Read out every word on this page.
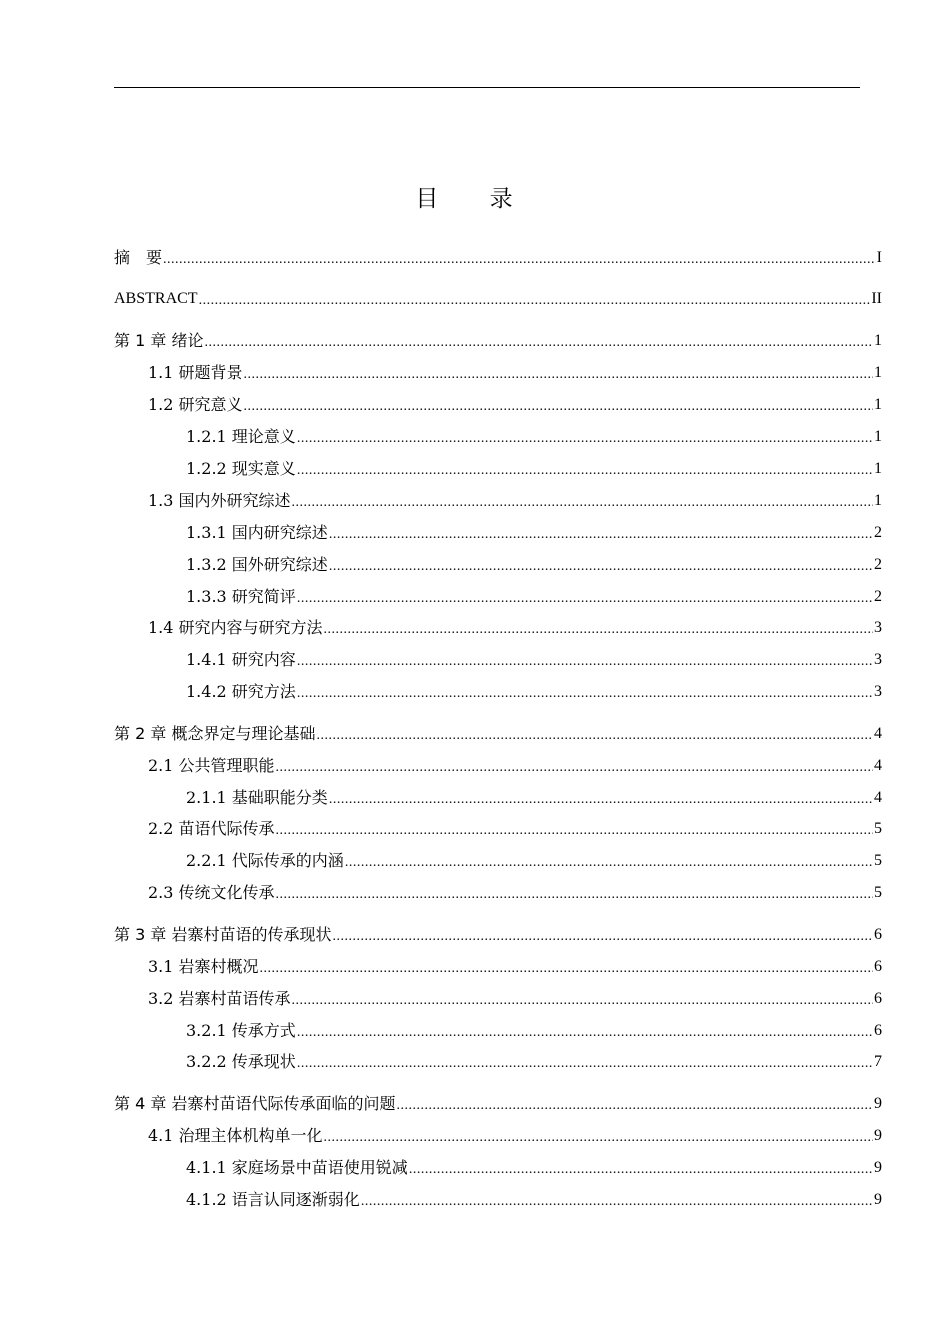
目 录
摘　要 .....	I
ABSTRACT .....	II
第 1 章 绪论 .....	1
1.1 研题背景 .....	1
1.2 研究意义 .....	1
1.2.1 理论意义 .....	1
1.2.2 现实意义 .....	1
1.3 国内外研究综述 .....	1
1.3.1 国内研究综述 .....	2
1.3.2 国外研究综述 .....	2
1.3.3 研究简评 .....	2
1.4 研究内容与研究方法 .....	3
1.4.1 研究内容 .....	3
1.4.2 研究方法 .....	3
第 2 章 概念界定与理论基础 .....	4
2.1 公共管理职能 .....	4
2.1.1 基础职能分类 .....	4
2.2 苗语代际传承 .....	5
2.2.1 代际传承的内涵 .....	5
2.3 传统文化传承 .....	5
第 3 章 岩寨村苗语的传承现状 .....	6
3.1 岩寨村概况 .....	6
3.2 岩寨村苗语传承 .....	6
3.2.1 传承方式 .....	6
3.2.2 传承现状 .....	7
第 4 章 岩寨村苗语代际传承面临的问题 .....	9
4.1 治理主体机构单一化 .....	9
4.1.1 家庭场景中苗语使用锐减 .....	9
4.1.2 语言认同逐渐弱化 .....	9
